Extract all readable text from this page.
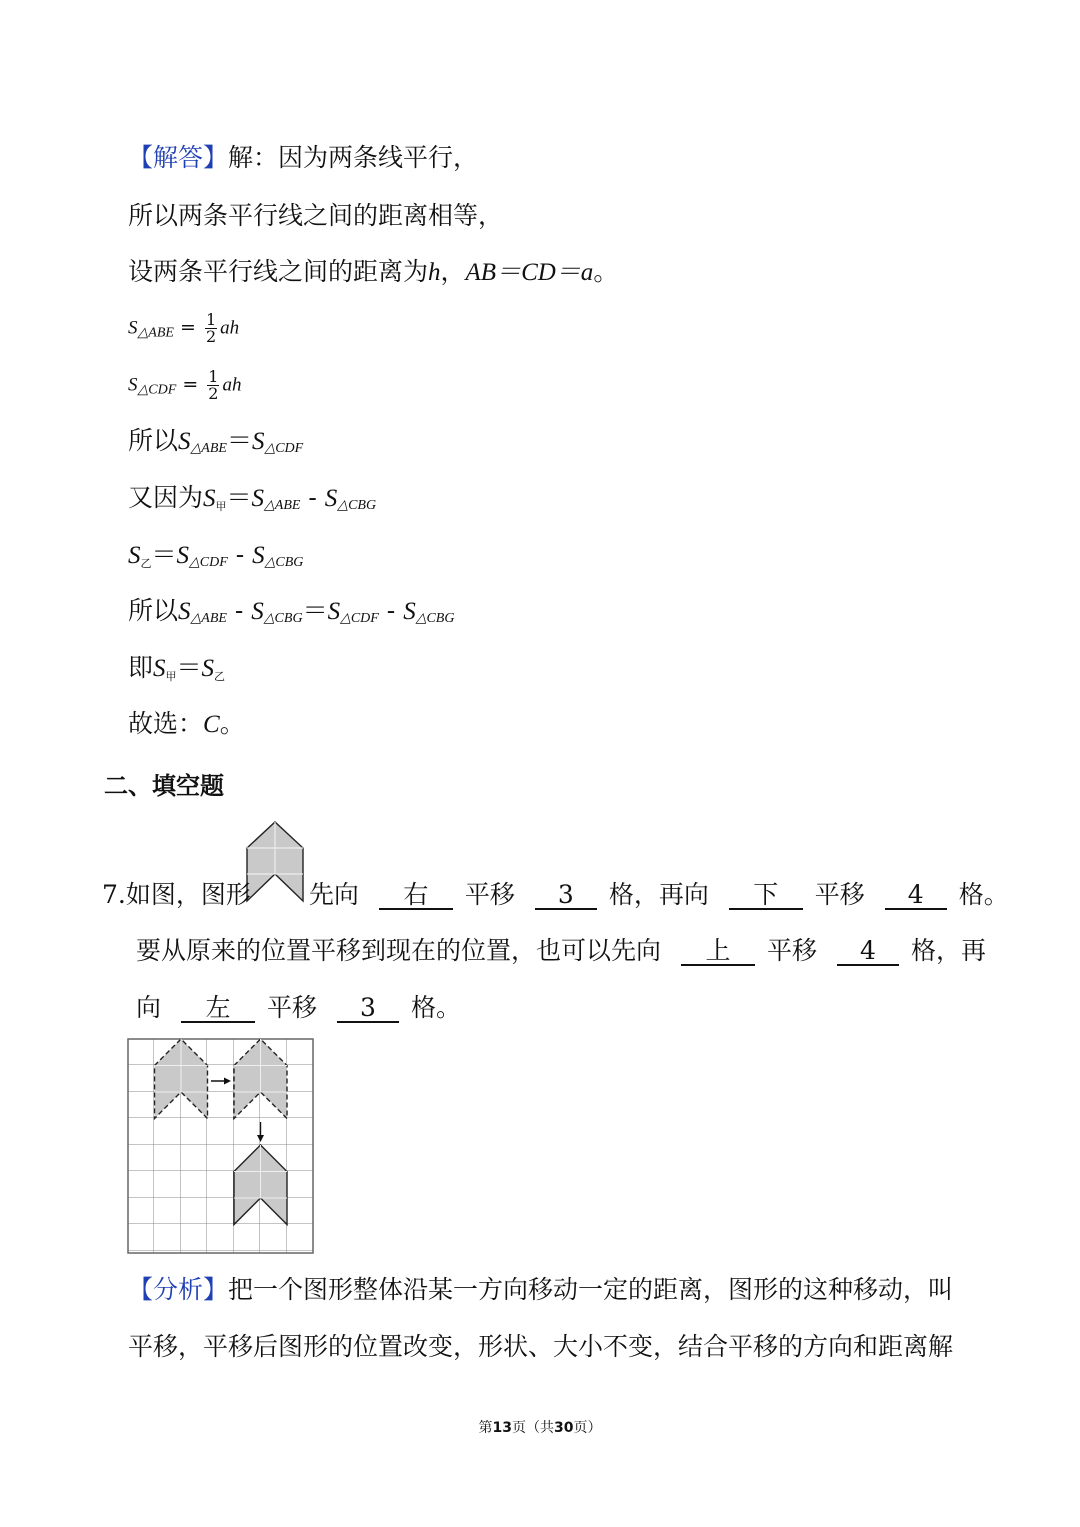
【解答】解：因为两条线平行，
所以两条平行线之间的距离相等，
设两条平行线之间的距离为h，AB＝CD＝a。
$S_{\triangle ABE} = \frac{1}{2}$ ah
$S_{\triangle CDF} = \frac{1}{2}$ ah
所以$S_{\triangle ABE}=S_{\triangle CDF}$
又因为S甲$=S_{\triangle ABE} - S_{\triangle CBG}$
S乙$=S_{\triangle CDF} - S_{\triangle CBG}$
所以$S_{\triangle ABE} - S_{\triangle CBG}=S_{\triangle CDF} - S_{\triangle CBG}$
即S甲＝S乙
故选：C。
二、填空题
7.如图，图形 先向 右 平移 3 格，再向 下 平移 4 格。
要从原来的位置平移到现在的位置，也可以先向 上 平移 4 格，再
向 左 平移 3 格。
【分析】把一个图形整体沿某一方向移动一定的距离，图形的这种移动，叫
平移，平移后图形的位置改变，形状、大小不变，结合平移的方向和距离解
第13页（共30页）
